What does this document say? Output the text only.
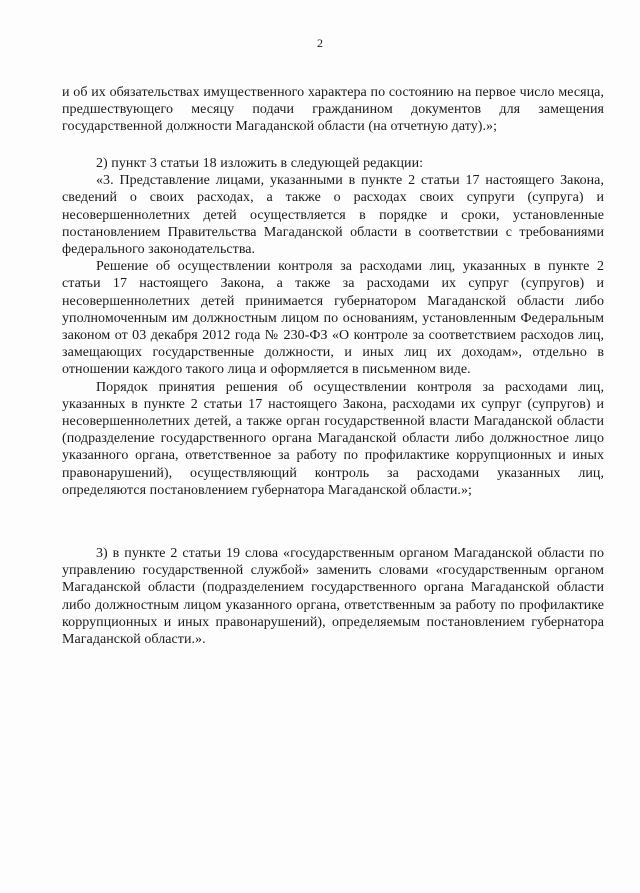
2

и об их обязательствах имущественного характера по состоянию на первое число месяца, предшествующего месяцу подачи гражданином документов для замещения государственной должности Магаданской области (на отчетную дату).»;

2) пункт 3 статьи 18 изложить в следующей редакции:

«3. Представление лицами, указанными в пункте 2 статьи 17 настоящего Закона, сведений о своих расходах, а также о расходах своих супруги (супруга) и несовершеннолетних детей осуществляется в порядке и сроки, установленные постановлением Правительства Магаданской области в соответствии с требованиями федерального законодательства.

Решение об осуществлении контроля за расходами лиц, указанных в пункте 2 статьи 17 настоящего Закона, а также за расходами их супруг (супругов) и несовершеннолетних детей принимается губернатором Магаданской области либо уполномоченным им должностным лицом по основаниям, установленным Федеральным законом от 03 декабря 2012 года № 230-ФЗ «О контроле за соответствием расходов лиц, замещающих государственные должности, и иных лиц их доходам», отдельно в отношении каждого такого лица и оформляется в письменном виде.

Порядок принятия решения об осуществлении контроля за расходами лиц, указанных в пункте 2 статьи 17 настоящего Закона, расходами их супруг (супругов) и несовершеннолетних детей, а также орган государственной власти Магаданской области (подразделение государственного органа Магаданской области либо должностное лицо указанного органа, ответственное за работу по профилактике коррупционных и иных правонарушений), осуществляющий контроль за расходами указанных лиц, определяются постановлением губернатора Магаданской области.»;

3) в пункте 2 статьи 19 слова «государственным органом Магаданской области по управлению государственной службой» заменить словами «государственным органом Магаданской области (подразделением государственного органа Магаданской области либо должностным лицом указанного органа, ответственным за работу по профилактике коррупционных и иных правонарушений), определяемым постановлением губернатора Магаданской области.».
